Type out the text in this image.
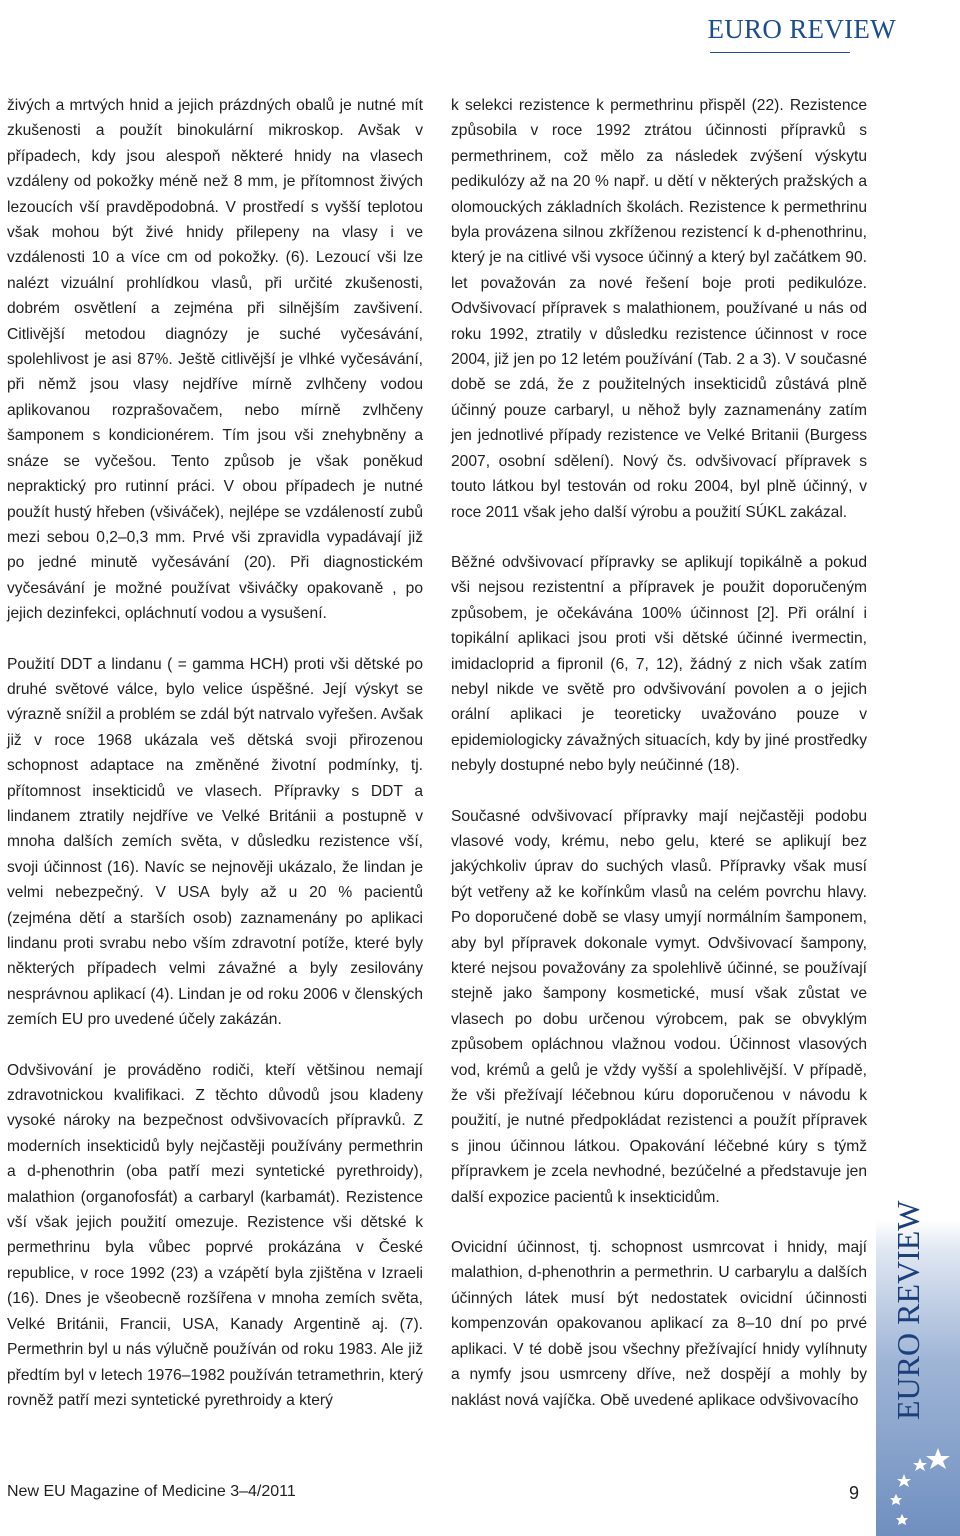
EURO REVIEW

živých a mrtvých hnid a jejich prázdných obalů je nutné mít zkušenosti a použít binokulární mikroskop. Avšak v případech, kdy jsou alespoň některé hnidy na vlasech vzdáleny od pokožky méně než 8 mm, je přítomnost živých lezoucích vší pravděpodobná. V prostředí s vyšší teplotou však mohou být živé hnidy přilepeny na vlasy i ve vzdálenosti 10 a více cm od pokožky. (6). Lezoucí vši lze nalézt vizuální prohlídkou vlasů, při určité zkušenosti, dobrém osvětlení a zejména při silnějším zavšivení. Citlivější metodou diagnózy je suché vyčesávání, spolehlivost je asi 87%. Ještě citlivější je vlhké vyčesávání, při němž jsou vlasy nejdříve mírně zvlhčeny vodou aplikovanou rozprašovačem, nebo mírně zvlhčeny šamponem s kondicionérem. Tím jsou vši znehybněny a snáze se vyčešou. Tento způsob je však poněkud nepraktický pro rutinní práci. V obou případech je nutné použít hustý hřeben (všiváček), nejlépe se vzdáleností zubů mezi sebou 0,2–0,3 mm. Prvé vši zpravidla vypadávají již po jedné minutě vyčesávání (20). Při diagnostickém vyčesávání je možné používat všiváčky opakovaně , po jejich dezinfekci, opláchnutí vodou a vysušení.

Použití DDT a lindanu ( = gamma HCH) proti vši dětské po druhé světové válce, bylo velice úspěšné. Její výskyt se výrazně snížil a problém se zdál být natrvalo vyřešen. Avšak již v roce 1968 ukázala veš dětská svoji přirozenou schopnost adaptace na změněné životní podmínky, tj. přítomnost insekticidů ve vlasech. Přípravky s DDT a lindanem ztratily nejdříve ve Velké Británii a postupně v mnoha dalších zemích světa, v důsledku rezistence vší, svoji účinnost (16). Navíc se nejnověji ukázalo, že lindan je velmi nebezpečný. V USA byly až u 20 % pacientů (zejména dětí a starších osob) zaznamenány po aplikaci lindanu proti svrabu nebo vším zdravotní potíže, které byly některých případech velmi závažné a byly zesilovány nesprávnou aplikací (4). Lindan je od roku 2006 v členských zemích EU pro uvedené účely zakázán.

Odvšivování je prováděno rodiči, kteří většinou nemají zdravotnickou kvalifikaci. Z těchto důvodů jsou kladeny vysoké nároky na bezpečnost odvšivovacích přípravků. Z moderních insekticidů byly nejčastěji používány permethrin a d-phenothrin (oba patří mezi syntetické pyrethroidy), malathion (organofosfát) a carbaryl (karbamát). Rezistence vší však jejich použití omezuje. Rezistence vši dětské k permethrinu byla vůbec poprvé prokázána v České republice, v roce 1992 (23) a vzápětí byla zjištěna v Izraeli (16). Dnes je všeobecně rozšířena v mnoha zemích světa, Velké Británii, Francii, USA, Kanady Argentině aj. (7). Permethrin byl u nás výlučně používán od roku 1983. Ale již předtím byl v letech 1976–1982 používán tetramethrin, který rovněž patří mezi syntetické pyrethroidy a který

k selekci rezistence k permethrinu přispěl (22). Rezistence způsobila v roce 1992 ztrátou účinnosti přípravků s permethrinem, což mělo za následek zvýšení výskytu pedikulózy až na 20 % např. u dětí v některých pražských a olomouckých základních školách. Rezistence k permethrinu byla provázena silnou zkříženou rezistencí k d-phenothrinu, který je na citlivé vši vysoce účinný a který byl začátkem 90. let považován za nové řešení boje proti pedikulóze. Odvšivovací přípravek s malathionem, používané u nás od roku 1992, ztratily v důsledku rezistence účinnost v roce 2004, již jen po 12 letém používání (Tab. 2 a 3). V současné době se zdá, že z použitelných insekticidů zůstává plně účinný pouze carbaryl, u něhož byly zaznamenány zatím jen jednotlivé případy rezistence ve Velké Britanii (Burgess 2007, osobní sdělení). Nový čs. odvšivovací přípravek s touto látkou byl testován od roku 2004, byl plně účinný, v roce 2011 však jeho další výrobu a použití SÚKL zakázal.

Běžné odvšivovací přípravky se aplikují topikálně a pokud vši nejsou rezistentní a přípravek je použit doporučeným způsobem, je očekávána 100% účinnost [2]. Při orální i topikální aplikaci jsou proti vši dětské účinné ivermectin, imidacloprid a fipronil (6, 7, 12), žádný z nich však zatím nebyl nikde ve světě pro odvšivování povolen a o jejich orální aplikaci je teoreticky uvažováno pouze v epidemiologicky závažných situacích, kdy by jiné prostředky nebyly dostupné nebo byly neúčinné (18).

Současné odvšivovací přípravky mají nejčastěji podobu vlasové vody, krému, nebo gelu, které se aplikují bez jakýchkoliv úprav do suchých vlasů. Přípravky však musí být vetřeny až ke kořínkům vlasů na celém povrchu hlavy. Po doporučené době se vlasy umyjí normálním šamponem, aby byl přípravek dokonale vymyt. Odvšivovací šampony, které nejsou považovány za spolehlivě účinné, se používají stejně jako šampony kosmetické, musí však zůstat ve vlasech po dobu určenou výrobcem, pak se obvyklým způsobem opláchnou vlažnou vodou. Účinnost vlasových vod, krémů a gelů je vždy vyšší a spolehlivější. V případě, že vši přežívají léčebnou kúru doporučenou v návodu k použití, je nutné předpokládat rezistenci a použít přípravek s jinou účinnou látkou. Opakování léčebné kúry s týmž přípravkem je zcela nevhodné, bezúčelné a představuje jen další expozice pacientů k insekticidům.

Ovicidní účinnost, tj. schopnost usmrcovat i hnidy, mají malathion, d-phenothrin a permethrin. U carbarylu a dalších účinných látek musí být nedostatek ovicidní účinnosti kompenzován opakovanou aplikací za 8–10 dní po prvé aplikaci. V té době jsou všechny přežívající hnidy vylíhnuty a nymfy jsou usmrceny dříve, než dospějí a mohly by naklást nová vajíčka. Obě uvedené aplikace odvšivovacího EURO REVIEW
New EU Magazine of Medicine 3–4/2011	9
